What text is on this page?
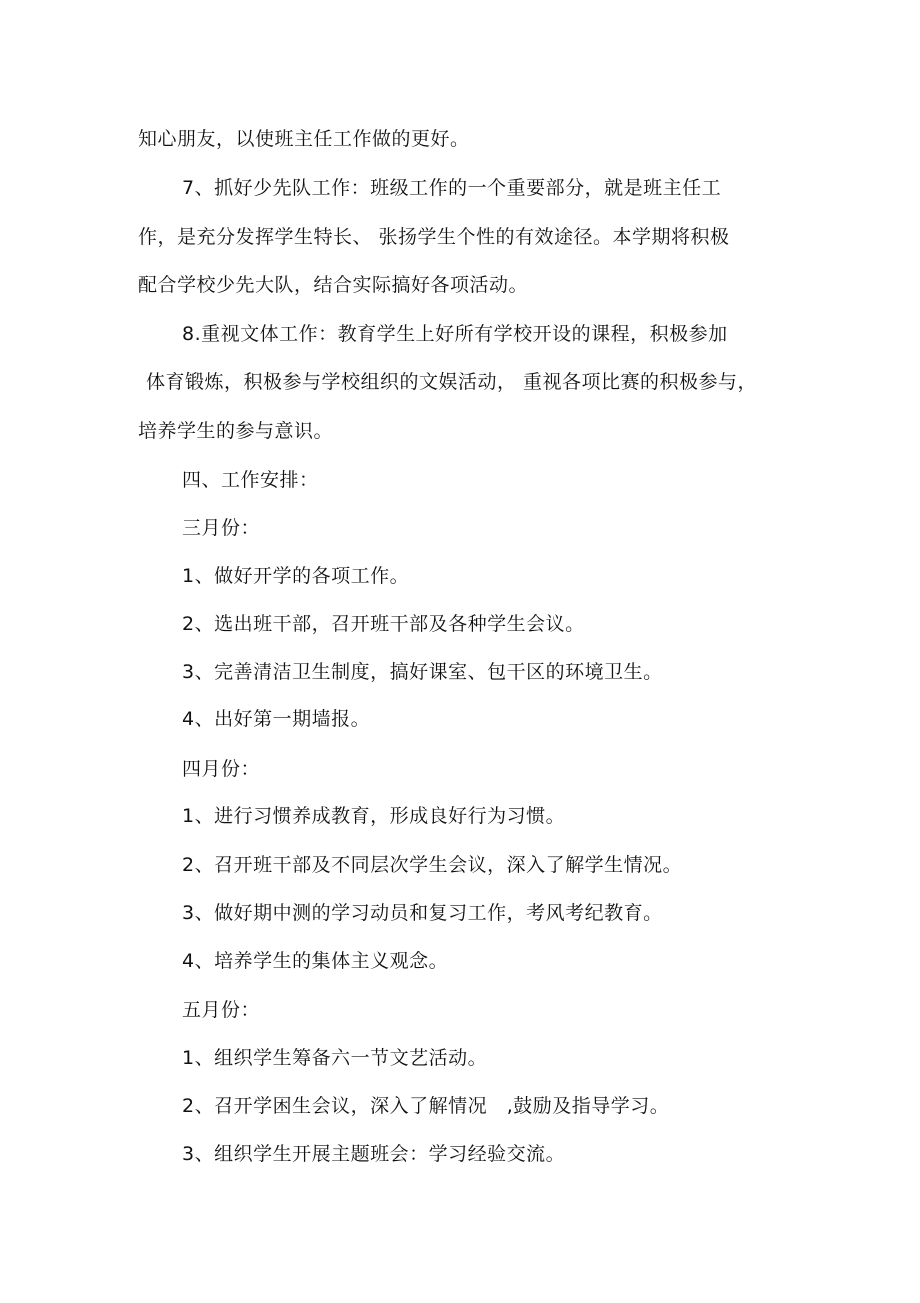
知心朋友，以使班主任工作做的更好。
7、抓好少先队工作：班级工作的一个重要部分，就是班主任工
作，是充分发挥学生特长、 张扬学生个性的有效途径。本学期将积极
配合学校少先大队，结合实际搞好各项活动。
8.重视文体工作：教育学生上好所有学校开设的课程，积极参加
体育锻炼，积极参与学校组织的文娱活动， 重视各项比赛的积极参与，
培养学生的参与意识。
四、工作安排：
三月份：
1、做好开学的各项工作。
2、选出班干部，召开班干部及各种学生会议。
3、完善清洁卫生制度，搞好课室、包干区的环境卫生。
4、出好第一期墙报。
四月份：
1、进行习惯养成教育，形成良好行为习惯。
2、召开班干部及不同层次学生会议，深入了解学生情况。
3、做好期中测的学习动员和复习工作，考风考纪教育。
4、培养学生的集体主义观念。
五月份：
1、组织学生筹备六一节文艺活动。
2、召开学困生会议，深入了解情况   ,鼓励及指导学习。
3、组织学生开展主题班会：学习经验交流。
